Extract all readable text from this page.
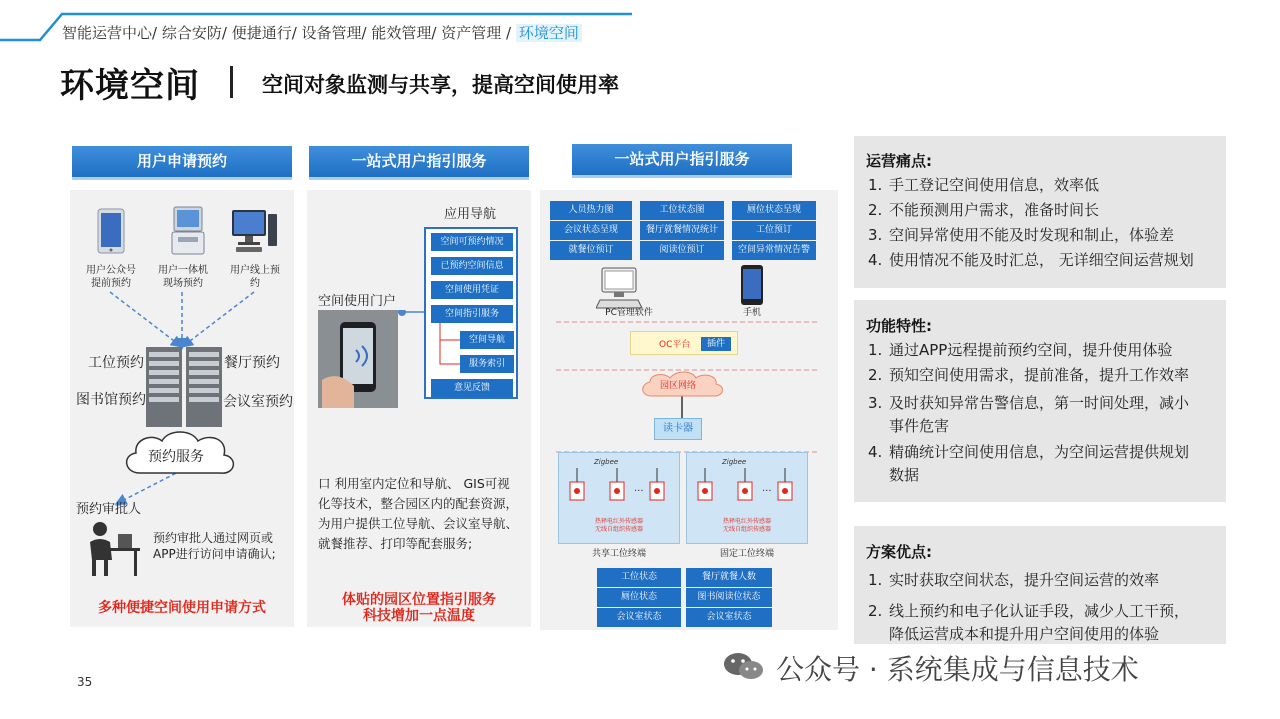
智能运营中心/ 综合安防/ 便捷通行/ 设备管理/ 能效管理/ 资产管理 / 环境空间
环境空间	空间对象监测与共享，提高空间使用率
用户申请预约
用户公众号
提前预约
用户一体机
现场预约
用户线上预
约
工位预约	餐厅预约
图书馆预约	会议室预约
预约服务
预约审批人
预约审批人通过网页或
APP进行访问申请确认;
多种便捷空间使用申请方式
一站式用户指引服务
应用导航
空间使用门户
空间可预约情况
已预约空间信息
空间使用凭证
空间指引服务
空间导航
服务索引
意见反馈
口 利用室内定位和导航、 GIS可视化等技术，整合园区内的配套资源，为用户提供工位导航、会议室导航、就餐推荐、打印等配套服务;
体贴的园区位置指引服务
科技增加一点温度
一站式用户指引服务
人员热力图	工位状态图	厕位状态呈现
会议状态呈现	餐厅就餐情况统计	工位预订
就餐位预订	阅读位预订	空间异常情况告警
PC管理软件	手机
OC平台	插件
园区网络
读卡器
···	···
Zigbee	Zigbee
热释电红外传感器
无线自组织传感器
热释电红外传感器
无线自组织传感器
共享工位终端	固定工位终端
工位状态	餐厅就餐人数
厕位状态	图书阅读位状态
会议室状态	会议室状态
运营痛点:
1. 手工登记空间使用信息，效率低
2. 不能预测用户需求，准备时间长
3. 空间异常使用不能及时发现和制止，体验差
4. 使用情况不能及时汇总， 无详细空间运营规划
功能特性:
1. 通过APP远程提前预约空间，提升使用体验
2. 预知空间使用需求，提前准备，提升工作效率
3. 及时获知异常告警信息，第一时间处理，减小
事件危害
4. 精确统计空间使用信息，为空间运营提供规划
数据
方案优点:
1. 实时获取空间状态，提升空间运营的效率
2. 线上预约和电子化认证手段，减少人工干预，
降低运营成本和提升用户空间使用的体验
35	公众号 · 系统集成与信息技术
